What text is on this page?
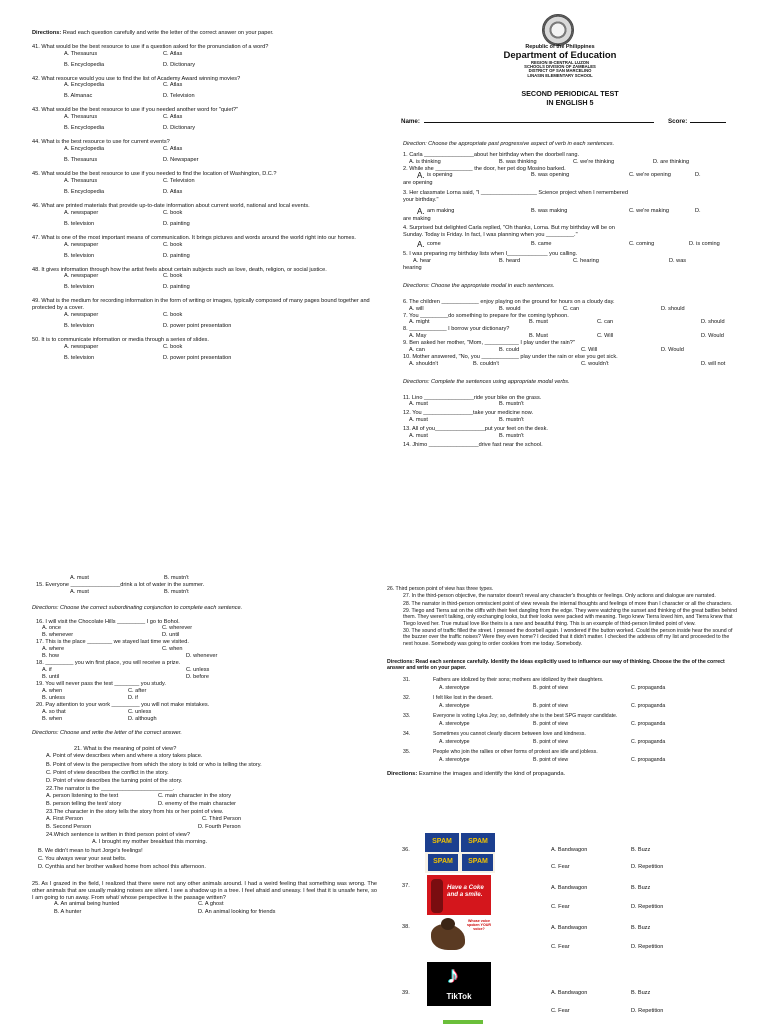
Directions: Read each question carefully and write the letter of the correct answer on your paper.
41. What would be the best resource to use if a question asked for the pronunciation of a word?
A. Thesaurus	C. Atlas
B. Encyclopedia	D. Dictionary
42. What resource would you use to find the list of Academy Award winning movies?
A. Encyclopedia	C. Atlas
B. Almanac	D. Television
43. What would be the best resource to use if you needed another word for "quiet?"
A. Thesaurus	C. Atlas
B. Encyclopedia	D. Dictionary
44. What is the best resource to use for current events?
A. Encyclopedia	C. Atlas
B. Thesaurus	D. Newspaper
45. What would be the best resource to use if you needed to find the location of Washington, D.C.?
A. Thesaurus	C. Television
B. Encyclopedia	D. Atlas
46. What are printed materials that provide up-to-date information about current world, national and local events.
A. newspaper	C. book
B. television	D. painting
47. What is one of the most important means of communication. It brings pictures and words around the world right into our homes.
A. newspaper	C. book
B. television	D. painting
48. It gives information through how the artist feels about certain subjects such as love, death, religion, or social justice.
A. newspaper	C. book
B. television	D. painting
49. What is the medium for recording information in the form of writing or images, typically composed of many pages bound together and protected by a cover.
A. newspaper	C. book
B. television	D. power point presentation
50. It is to communicate information or media through a series of slides.
A. newspaper	C. book
B. television	D. power point presentation
Republic of the Philippines
Department of Education
REGION III-CENTRAL LUZON
SCHOOLS DIVISION OF ZAMBALES
DISTRICT OF SAN MARCELINO
LINASIN ELEMENTARY SCHOOL
SECOND PERIODICAL TEST
IN ENGLISH 5
Name:	Score:
Direction: Choose the appropriate past progressive aspect of verb in each sentences.
1. Carla ________________about her birthday when the doorbell rang.
A. is thinking	B. was thinking	C. we're thinking	D. are thinking
2. While she ____________ the door, her pet dog Mosino barked.
A. is opening	B. was opening	C. we're opening	D.
are opening
3. Her classmate Lorna said, "I __________________ Science project when I remembered
your birthday."
A. am making	B. was making	C. we're making	D.
are making
4. Surprised but delighted Carla replied, "Oh thanks, Lorna. But my birthday will be on
Sunday. Today is Friday. In fact, I was planning when you _________."
A. come	B. came	C. coming	D. is coming
5. I was preparing my birthday lists when I_____________ you calling.
A. hear	B. heard	C. hearing	D. was
hearing
Directions: Choose the appropriate modal in each sentences.
6. The children ____________ enjoy playing on the ground for hours on a cloudy day.
A. will	B. would	C. can	D. should
7. You _________do something to prepare for the coming typhoon.
A. might	B. must	C. can	D. should
8. ____________ I borrow your dictionary?
A. May	B. Must	C. Will	D. Would
9. Ben asked her mother, "Mom, ___________ I play under the rain?"
A. can	B. could	C. Will	D. Would
10. Mother answered, "No, you ____________ play under the rain or else you get sick.
A. shouldn't	B. couldn't	C. wouldn't	D. will not
Directions: Complete the sentences using appropriate modal verbs.
11. Lino ________________ride your bike on the grass.
A. must	B. mustn't
12. You ________________take your medicine now.
A. must	B. mustn't
13. All of you________________put your feet on the desk.
A. must	B. mustn't
14. Jhimo ________________drive fast near the school.
A. must	B. mustn't
15. Everyone ________________drink a lot of water in the summer.
A. must	B. mustn't
Directions: Choose the correct subordinating conjunction to complete each sentence.
16. I will visit the Chocolate Hills _________ I go to Bohol.
A. once	C. wherever
B. whenever	D. until
17. This is the place ________ we stayed last time we visited.
A. where	C. when
B. how	D. whenever
18. _________ you win first place, you will receive a prize.
A. if	C. unless
B. until	D. before
19. You will never pass the test ________ you study.
A. when	C. after
B. unless	D. if
20. Pay attention to your work _________ you will not make mistakes.
A. so that	C. unless
B. when	D. although
Directions: Choose and write the letter of the correct answer.
21. What is the meaning of point of view?
A. Point of view describes when and where a story takes place.
B. Point of view is the perspective from which the story is told or who is telling the story.
C. Point of view describes the conflict in the story.
D. Point of view describes the turning point of the story.
22.The narrator is the _______________________.
A. person listening to the text	C. main character in the story
B. person telling the text/ story	D. enemy of the main character
23.The character in the story tells the story from his or her point of view.
A. First Person	C. Third Person
B. Second Person	D. Fourth Person
24.Which sentence is written in third person point of view?
A. I brought my mother breakfast this morning.
B. We didn't mean to hurt Jorge's feelings!
C. You always wear your seat belts.
D. Cynthia and her brother walked home from school this afternoon.
25. As I grazed in the field, I realized that there were not any other animals around. I had a weird feeling that something was wrong. The other animals that are usually making noises are silent. I see a shadow up in a tree. I feel afraid and uneasy. I feel that it is unsafe here, so I am going to run away. From what/ whose perspective is the passage written?
A. An animal being hunted	C. A ghost
B. A hunter	D. An animal looking for friends
26. Third person point of view has three types.
27. In the third-person objective, the narrator doesn't reveal any character's thoughts or feelings. Only actions and dialogue are narrated.
28. The narrator in third-person omniscient point of view reveals the internal thoughts and feelings of more than I character or all the characters.
29. Tiego and Tierra sat on the cliffs with their feet dangling from the edge. They were watching the sunset and thinking of the great battles behind them. They weren't talking, only exchanging looks, but their looks were packed with meaning. Tiego knew Tierra loved him, and Tierra knew that Tiego loved her. True mutual love like theirs is a rare and beautiful thing. This is an example of third-person limited point of view.
30. The sound of traffic filled the street. I pressed the doorbell again. I wondered if the button worked. Could the person inside hear the sound of the buzzer over the traffic noises? Were they even home? I decided that it didn't matter. I checked the address off my list and proceeded to the next house. Somebody was going to order cookies from me today. Somebody.
Directions: Read each sentence carefully. Identify the ideas explicitly used to influence our way of thinking. Choose the the of the correct answer and write on your paper.
31.	Fathers are idolized by their sons; mothers are idolized by their daughters.
A. stereotype	B. point of view	C. propaganda
32.	I felt like lost in the desert.
A. stereotype	B. point of view	C. propaganda
33.	Everyone is voting Lyka Joy; so, definitely she is the best SPG mayor candidate.
A. stereotype	B. point of view	C. propaganda
34.	Sometimes you cannot clearly discern between love and kindness.
A. stereotype	B. point of view	C. propaganda
35.	People who join the rallies or other forms of protest are idle and jobless.
A. stereotype	B. point of view	C. propaganda
Directions: Examine the images and identify the kind of propaganda.
36.
SPAM	SPAM
SPAM	SPAM
A. Bandwagon	B. Buzz
C. Fear	D. Repetition
37.	Have a Coke and a smile.
A. Bandwagon	B. Buzz
C. Fear	D. Repetition
38.
Whose voice spoken YOUR voice?	A. Bandwagon	B. Buzz
C. Fear	D. Repetition
39.
♪
TikTok	A. Bandwagon	B. Buzz
C. Fear	D. Repetition
